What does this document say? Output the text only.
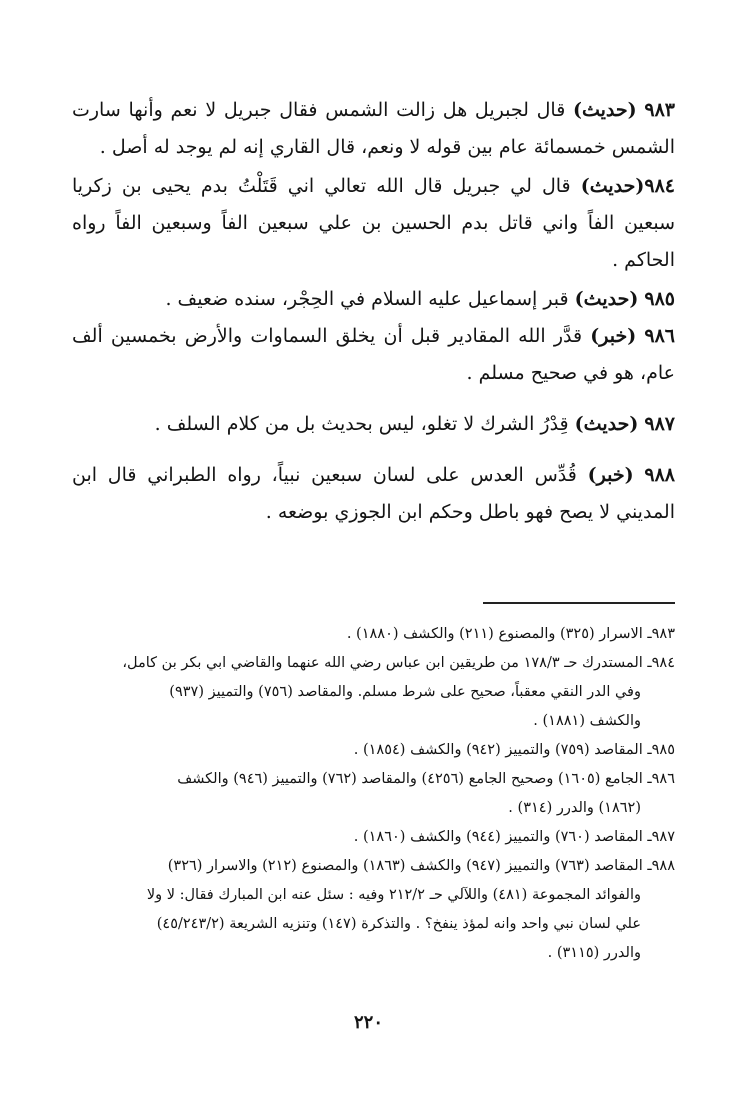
٩٨٣ (حديث) قال لجبريل هل زالت الشمس فقال جبريل لا نعم وأنها سارت الشمس خمسمائة عام بين قوله لا ونعم، قال القاري إنه لم يوجد له أصل .

٩٨٤(حديث) قال لي جبريل قال الله تعالي اني قَتَلْتُ بدم يحيى بن زكريا سبعين الفاً واني قاتل بدم الحسين بن علي سبعين الفاً وسبعين الفاً رواه الحاكم .

٩٨٥ (حديث) قبر إسماعيل عليه السلام في الحِجْر، سنده ضعيف .

٩٨٦ (خبر) قدَّر الله المقادير قبل أن يخلق السماوات والأرض بخمسين ألف عام، هو في صحيح مسلم .

٩٨٧ (حديث) قِدْرُ الشرك لا تغلو، ليس بحديث بل من كلام السلف .

٩٨٨ (خبر) قُدِّس العدس على لسان سبعين نبياً، رواه الطبراني قال ابن المديني لا يصح فهو باطل وحكم ابن الجوزي بوضعه .

٩٨٣ـ الاسرار (٣٢٥) والمصنوع (٢١١) والكشف (١٨٨٠) .

٩٨٤ـ المستدرك حـ ١٧٨/٣ من طريقين ابن عباس رضي الله عنهما والقاضي ابي بكر بن كامل،
وفي الدر النقي معقباً، صحيح على شرط مسلم. والمقاصد (٧٥٦) والتمييز (٩٣٧)
والكشف (١٨٨١) .

٩٨٥ـ المقاصد (٧٥٩) والتمييز (٩٤٢) والكشف (١٨٥٤) .

٩٨٦ـ الجامع (١٦٠٥) وصحيح الجامع (٤٢٥٦) والمقاصد (٧٦٢) والتمييز (٩٤٦) والكشف
(١٨٦٢) والدرر (٣١٤) .

٩٨٧ـ المقاصد (٧٦٠) والتمييز (٩٤٤) والكشف (١٨٦٠) .

٩٨٨ـ المقاصد (٧٦٣) والتمييز (٩٤٧) والكشف (١٨٦٣) والمصنوع (٢١٢) والاسرار (٣٢٦)
والفوائد المجموعة (٤٨١) واللآلي حـ ٢١٢/٢ وفيه : سئل عنه ابن المبارك فقال: لا ولا
علي لسان نبي واحد وانه لمؤذ ينفخ؟ . والتذكرة (١٤٧) وتنزيه الشريعة (٤٥/٢٤٣/٢)
والدرر (٣١١٥) .

٢٢٠
